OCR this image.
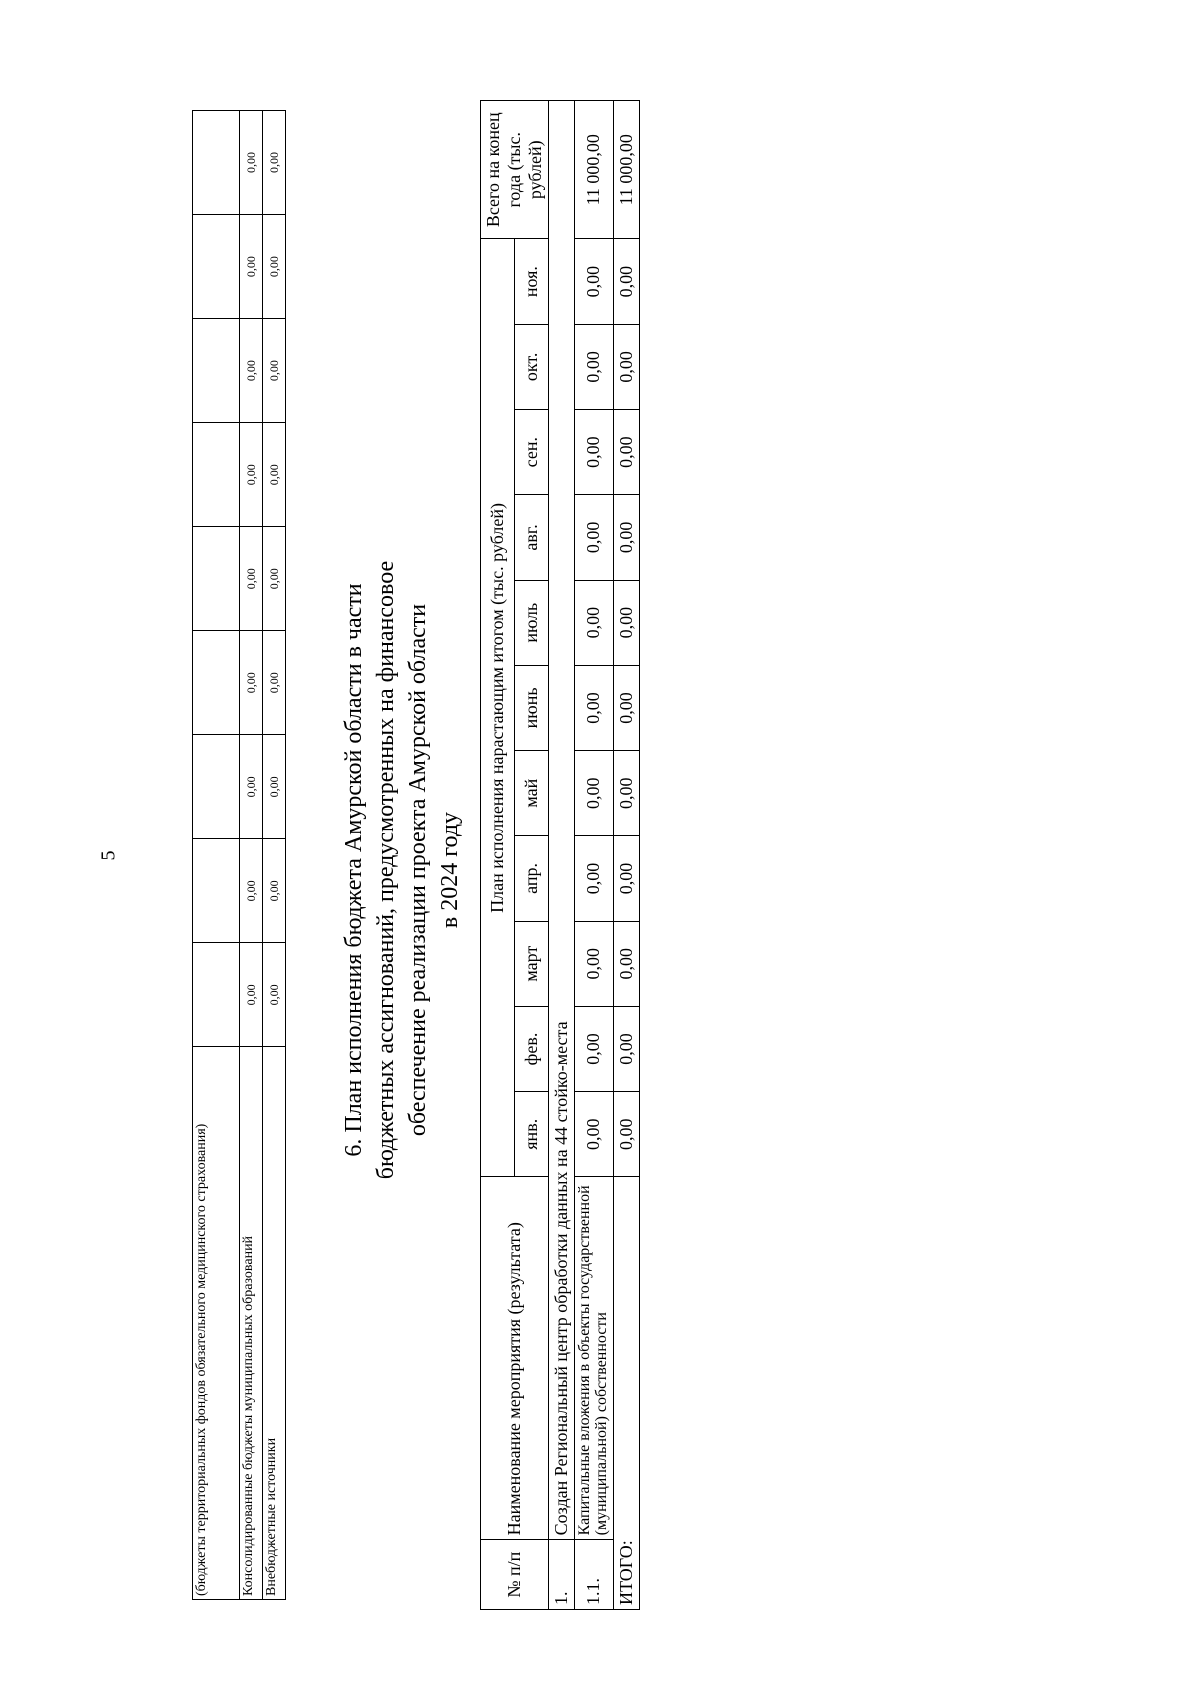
5
(бюджеты территориальных фондов обязательного медицинского страхования)									
Консолидированные бюджеты муниципальных образований	0,00	0,00	0,00	0,00	0,00	0,00	0,00	0,00	0,00
Внебюджетные источники	0,00	0,00	0,00	0,00	0,00	0,00	0,00	0,00	0,00
6. План исполнения бюджета Амурской области в части бюджетных ассигнований, предусмотренных на финансовое обеспечение реализации проекта Амурской области в 2024 году
№ п/п	Наименование мероприятия (результата)	План исполнения нарастающим итогом (тыс. рублей)											Всего на конец года (тыс. рублей)
		янв.	фев.	март	апр.	май	июнь	июль	авг.	сен.	окт.	ноя.	
1.	Создан Региональный центр обработки данных на 44 стойко-места												
1.1.	Капитальные вложения в объекты государственной (муниципальной) собственности	0,00	0,00	0,00	0,00	0,00	0,00	0,00	0,00	0,00	0,00	0,00	11 000,00
ИТОГО:		0,00	0,00	0,00	0,00	0,00	0,00	0,00	0,00	0,00	0,00	0,00	11 000,00
